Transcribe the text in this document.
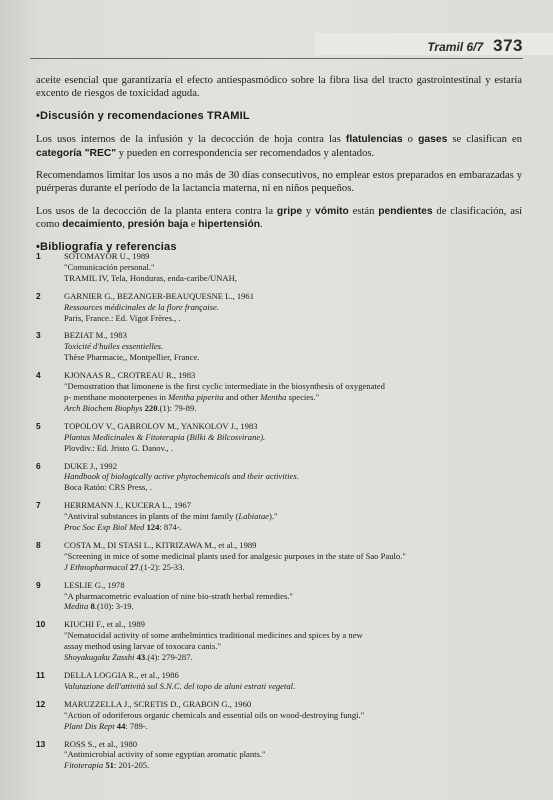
Tramil 6/7 373

aceite esencial que garantizaría el efecto antiespasmódico sobre la fibra lisa del tracto gastrointestinal y estaría excento de riesgos de toxicidad aguda.

•Discusión y recomendaciones TRAMIL

Los usos internos de la infusión y la decocción de hoja contra las flatulencias o gases se clasifican en categoría "REC" y pueden en correspondencia ser recomendados y alentados.

Recomendamos limitar los usos a no más de 30 días consecutivos, no emplear estos preparados en embarazadas y puérperas durante el período de la lactancia materna, ni en niños pequeños.

Los usos de la decocción de la planta entera contra la gripe y vómito están pendientes de clasificación, así como decaimiento, presión baja e hipertensión.

•Bibliografía y referencias
1	SOTOMAYOR U., 1989
"Comunicación personal."
TRAMIL IV, Tela, Honduras, enda-caribe/UNAH,
2	GARNIER G., BEZANGER-BEAUQUESNE L., 1961
Ressources médicinales de la flore française.
Paris, France.: Ed. Vigot Frères., .
3	BEZIAT M., 1983
Toxicité d'huiles essentielles.
Thèse Pharmacie,, Montpellier, France.
4	KJONAAS R., CROTREAU R., 1983
"Demostration that limonene is the first cyclic intermediate in the biosynthesis of oxygenated
p- menthane monoterpenes in Mentha piperita and other Mentha species."
Arch Biochem Biophys 220.(1): 79-89.
5	TOPOLOV V., GABROLOV M., YANKOLOV J., 1983
Plantas Medicinales & Fitoterapia (Bilki & Bilcosvirane).
Plovdiv.: Ed. Jristo G. Danov., .
6	DUKE J., 1992
Handbook of biologically active phytochemicals and their activities.
Boca Ratón: CRS Press, .
7	HERRMANN J., KUCERA L., 1967
"Antiviral substances in plants of the mint family (Labiatae)."
Proc Soc Exp Biol Med 124: 874-.
8	COSTA M., DI STASI L., KITRIZAWA M., et al., 1989
"Screening in mice of some medicinal plants used for analgesic purposes in the state of Sao Paulo."
J Ethnopharmacol 27.(1-2): 25-33.
9	LESLIE G., 1978
"A pharmacometric evaluation of nine bio-strath herbal remedies."
Medita 8.(10): 3-19.
10	KIUCHI F., et al., 1989
"Nematocidal activity of some anthelmintics traditional medicines and spices by a new
assay method using larvae of toxocara canis."
Shoyakugaku Zasshi 43.(4): 279-287.
11	DELLA LOGGIA R., et al., 1986
Valutazione dell'attività sul S.N.C. del topo de aluni estrati vegetal.
12	MARUZZELLA J., SCRETIS D., GRABON G., 1960
"Action of odoriferous organic chemicals and essential oils on wood-destroying fungi."
Plant Dis Rept 44: 789-.
13	ROSS S., et al., 1980
"Antimicrobial activity of some egyptian aromatic plants."
Fitoterapia 51: 201-205.
